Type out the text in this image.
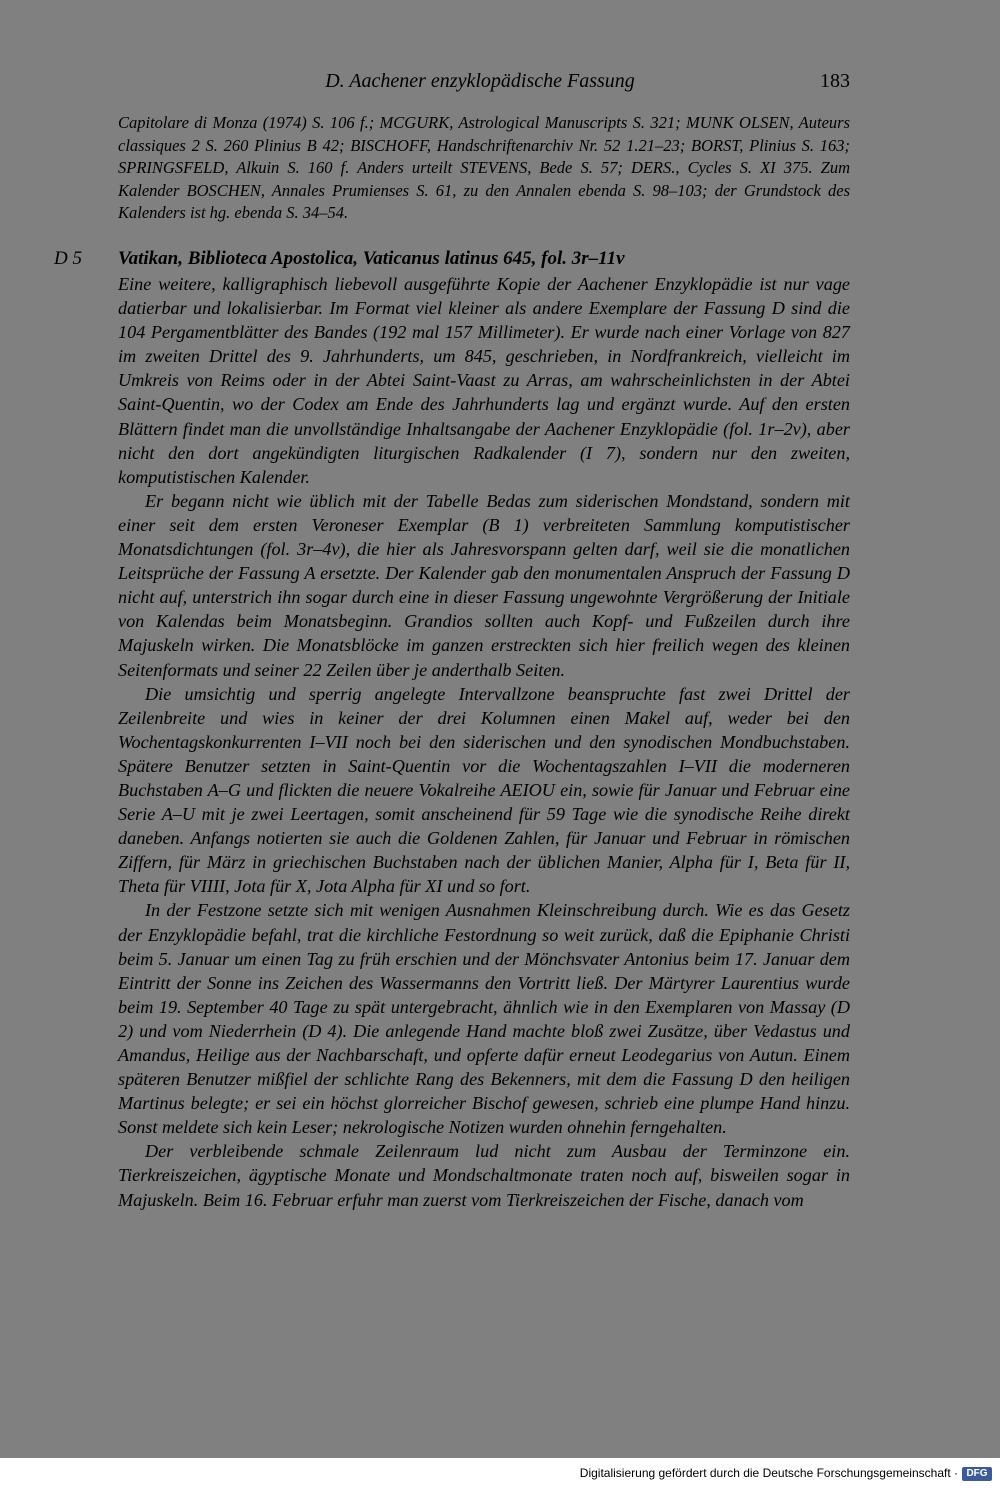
D. Aachener enzyklopädische Fassung	183

Capitolare di Monza (1974) S. 106 f.; MCGURK, Astrological Manuscripts S. 321; MUNK OLSEN, Auteurs classiques 2 S. 260 Plinius B 42; BISCHOFF, Handschriftenarchiv Nr. 52 1.21–23; BORST, Plinius S. 163; SPRINGSFELD, Alkuin S. 160 f. Anders urteilt STEVENS, Bede S. 57; DERS., Cycles S. XI 375. Zum Kalender BOSCHEN, Annales Prumienses S. 61, zu den Annalen ebenda S. 98–103; der Grundstock des Kalenders ist hg. ebenda S. 34–54.

D 5 Vatikan, Biblioteca Apostolica, Vaticanus latinus 645, fol. 3r–11v

Eine weitere, kalligraphisch liebevoll ausgeführte Kopie der Aachener Enzyklopädie ist nur vage datierbar und lokalisierbar. Im Format viel kleiner als andere Exemplare der Fassung D sind die 104 Pergamentblätter des Bandes (192 mal 157 Millimeter). Er wurde nach einer Vorlage von 827 im zweiten Drittel des 9. Jahrhunderts, um 845, geschrieben, in Nordfrankreich, vielleicht im Umkreis von Reims oder in der Abtei Saint-Vaast zu Arras, am wahrscheinlichsten in der Abtei Saint-Quentin, wo der Codex am Ende des Jahrhunderts lag und ergänzt wurde. Auf den ersten Blättern findet man die unvollständige Inhaltsangabe der Aachener Enzyklopädie (fol. 1r–2v), aber nicht den dort angekündigten liturgischen Radkalender (I 7), sondern nur den zweiten, komputistischen Kalender.

Er begann nicht wie üblich mit der Tabelle Bedas zum siderischen Mondstand, sondern mit einer seit dem ersten Veroneser Exemplar (B 1) verbreiteten Sammlung komputistischer Monatsdichtungen (fol. 3r–4v), die hier als Jahresvorspann gelten darf, weil sie die monatlichen Leitsprüche der Fassung A ersetzte. Der Kalender gab den monumentalen Anspruch der Fassung D nicht auf, unterstrich ihn sogar durch eine in dieser Fassung ungewohnte Vergrößerung der Initiale von Kalendas beim Monatsbeginn. Grandios sollten auch Kopf- und Fußzeilen durch ihre Majuskeln wirken. Die Monatsblöcke im ganzen erstreckten sich hier freilich wegen des kleinen Seitenformats und seiner 22 Zeilen über je anderthalb Seiten.

Die umsichtig und sperrig angelegte Intervallzone beanspruchte fast zwei Drittel der Zeilenbreite und wies in keiner der drei Kolumnen einen Makel auf, weder bei den Wochentagskonkurrenten I–VII noch bei den siderischen und den synodischen Mondbuchstaben. Spätere Benutzer setzten in Saint-Quentin vor die Wochentagszahlen I–VII die moderneren Buchstaben A–G und flickten die neuere Vokalreihe AEIOU ein, sowie für Januar und Februar eine Serie A–U mit je zwei Leertagen, somit anscheinend für 59 Tage wie die synodische Reihe direkt daneben. Anfangs notierten sie auch die Goldenen Zahlen, für Januar und Februar in römischen Ziffern, für März in griechischen Buchstaben nach der üblichen Manier, Alpha für I, Beta für II, Theta für VIIII, Jota für X, Jota Alpha für XI und so fort.

In der Festzone setzte sich mit wenigen Ausnahmen Kleinschreibung durch. Wie es das Gesetz der Enzyklopädie befahl, trat die kirchliche Festordnung so weit zurück, daß die Epiphanie Christi beim 5. Januar um einen Tag zu früh erschien und der Mönchsvater Antonius beim 17. Januar dem Eintritt der Sonne ins Zeichen des Wassermanns den Vortritt ließ. Der Märtyrer Laurentius wurde beim 19. September 40 Tage zu spät untergebracht, ähnlich wie in den Exemplaren von Massay (D 2) und vom Niederrhein (D 4). Die anlegende Hand machte bloß zwei Zusätze, über Vedastus und Amandus, Heilige aus der Nachbarschaft, und opferte dafür erneut Leodegarius von Autun. Einem späteren Benutzer mißfiel der schlichte Rang des Bekenners, mit dem die Fassung D den heiligen Martinus belegte; er sei ein höchst glorreicher Bischof gewesen, schrieb eine plumpe Hand hinzu. Sonst meldete sich kein Leser; nekrologische Notizen wurden ohnehin ferngehalten.

Der verbleibende schmale Zeilenraum lud nicht zum Ausbau der Terminzone ein. Tierkreiszeichen, ägyptische Monate und Mondschaltmonate traten noch auf, bisweilen sogar in Majuskeln. Beim 16. Februar erfuhr man zuerst vom Tierkreiszeichen der Fische, danach vom

Digitalisierung gefördert durch die Deutsche Forschungsgemeinschaft · DFG
